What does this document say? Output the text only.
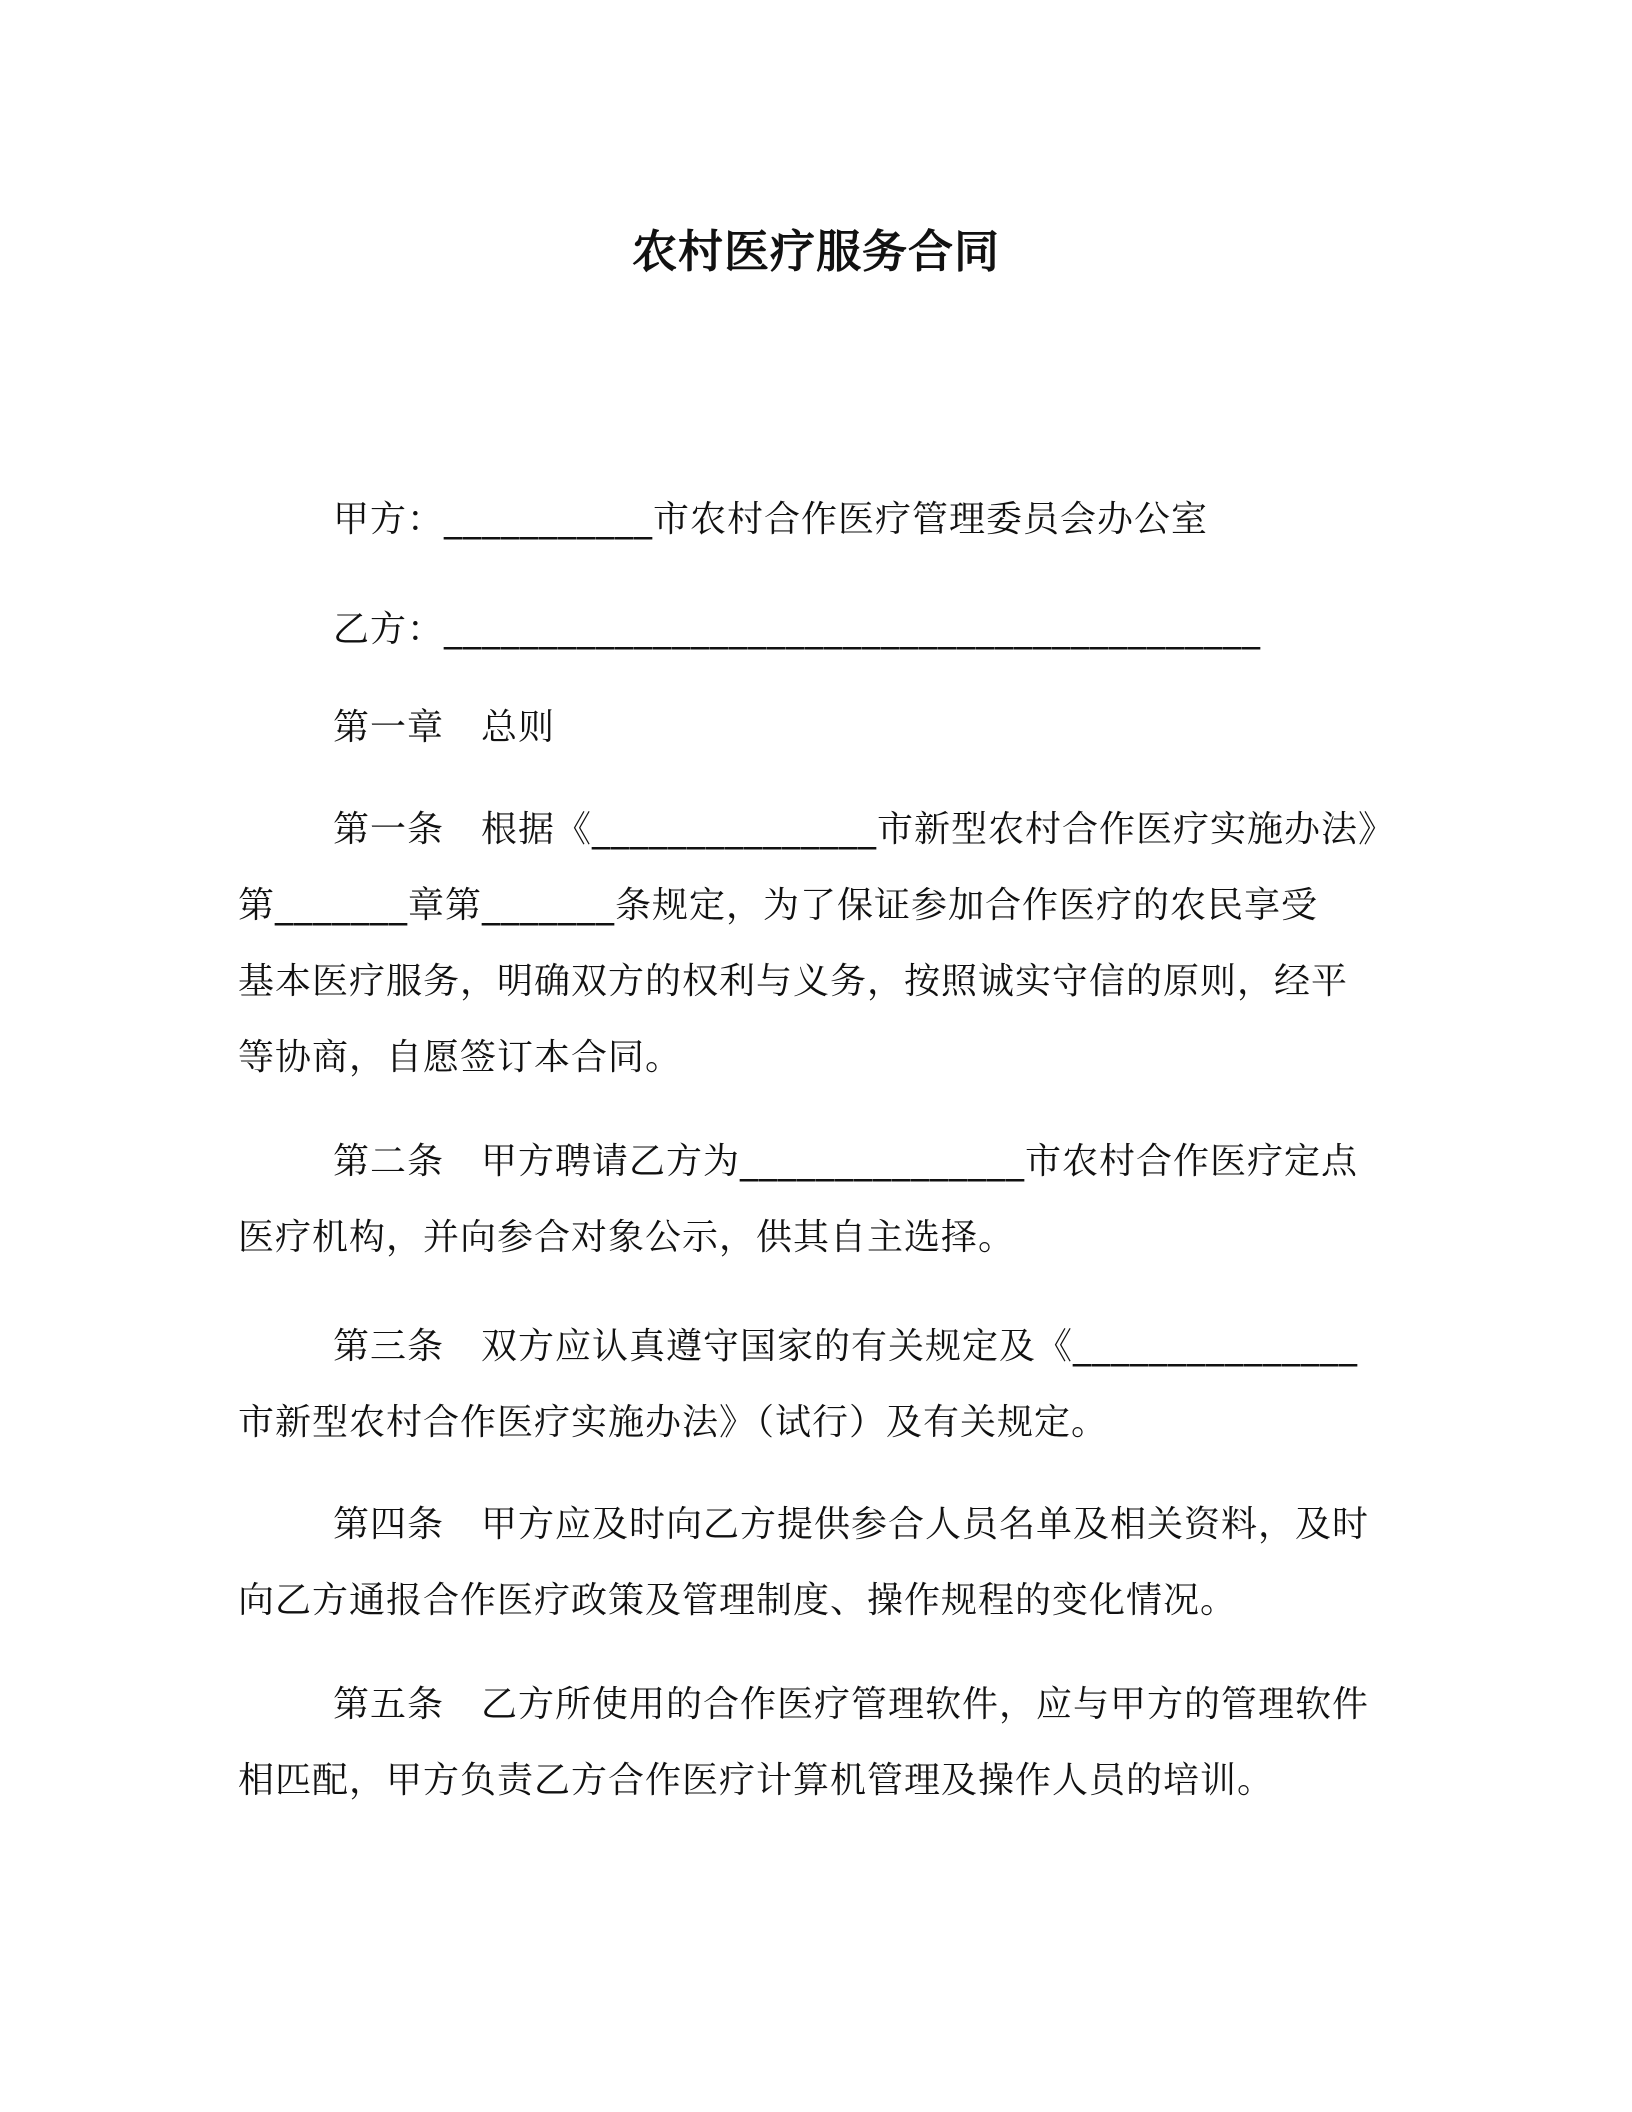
农村医疗服务合同
甲方：___________市农村合作医疗管理委员会办公室
乙方：___________________________________________
第一章　总则
第一条　根据《_______________市新型农村合作医疗实施办法》
第_______章第_______条规定，为了保证参加合作医疗的农民享受
基本医疗服务，明确双方的权利与义务，按照诚实守信的原则，经平
等协商，自愿签订本合同。
第二条　甲方聘请乙方为_______________市农村合作医疗定点
医疗机构，并向参合对象公示，供其自主选择。
第三条　双方应认真遵守国家的有关规定及《_______________
市新型农村合作医疗实施办法》（试行）及有关规定。
第四条　甲方应及时向乙方提供参合人员名单及相关资料，及时
向乙方通报合作医疗政策及管理制度、操作规程的变化情况。
第五条　乙方所使用的合作医疗管理软件，应与甲方的管理软件
相匹配，甲方负责乙方合作医疗计算机管理及操作人员的培训。
